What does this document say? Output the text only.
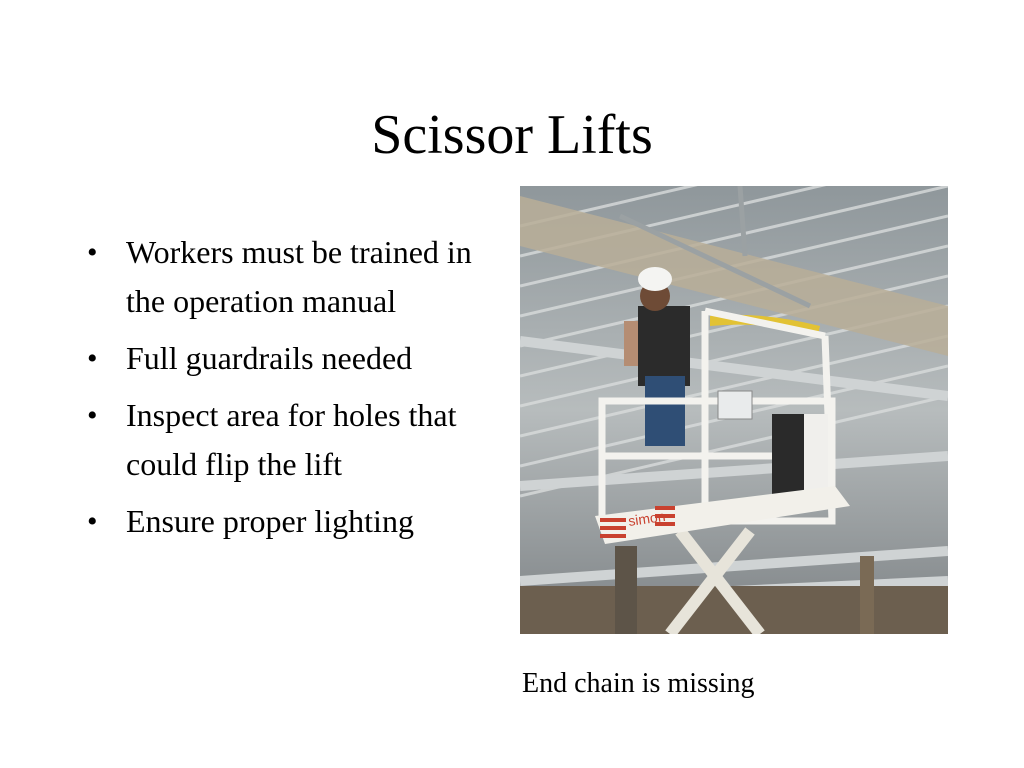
Scissor Lifts
• Workers must be trained in the operation manual
• Full guardrails needed
• Inspect area for holes that could flip the lift
• Ensure proper lighting	simon
End chain is missing
